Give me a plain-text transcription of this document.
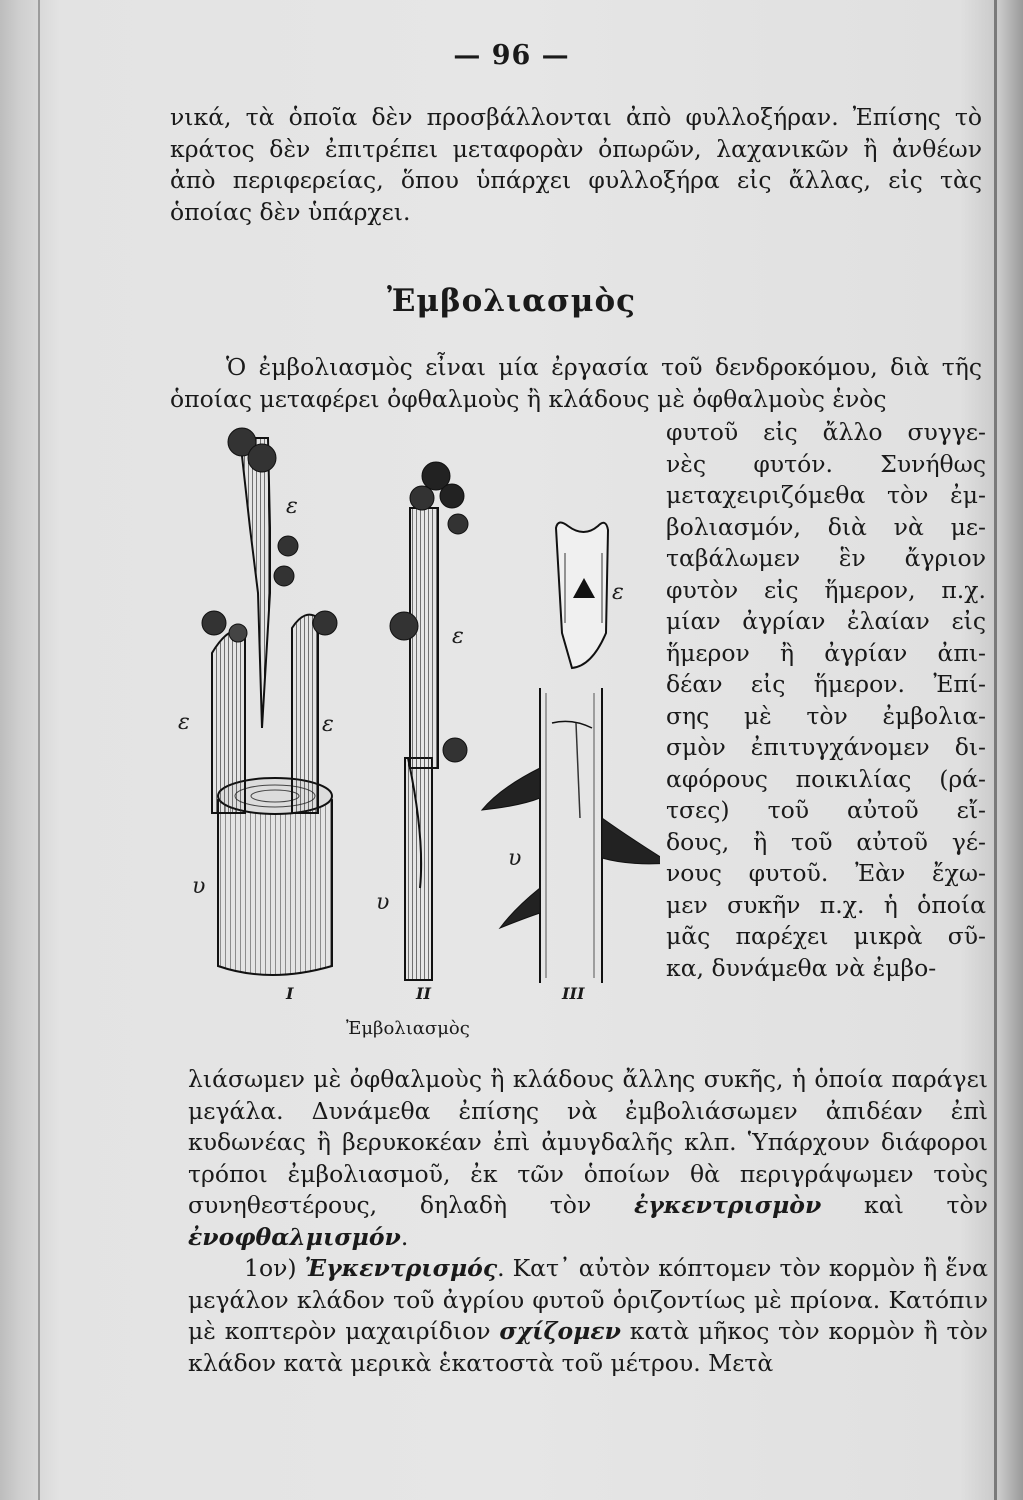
— 96 —
νικά, τὰ ὁποῖα δὲν προσβάλλονται ἀπὸ φυλλοξήραν. Ἐπίσης τὸ κράτος δὲν ἐπιτρέπει μεταφορὰν ὀπωρῶν, λαχανικῶν ἢ ἀνθέων ἀπὸ περιφερείας, ὅπου ὑπάρχει φυλλοξήρα εἰς ἄλλας, εἰς τὰς ὁποίας δὲν ὑπάρχει.
Ἐμβολιασμὸς
Ὁ ἐμβολιασμὸς εἶναι μία ἐργασία τοῦ δενδροκόμου, διὰ τῆς ὁποίας μεταφέρει ὀφθαλμοὺς ἢ κλάδους μὲ ὀφθαλμοὺς ἑνὸς
φυτοῦ εἰς ἄλλο συγγε-
νὲς φυτόν. Συνήθως
μεταχειριζόμεθα τὸν ἐμ-
βολιασμόν, διὰ νὰ με-
ταβάλωμεν ἓν ἄγριον
φυτὸν εἰς ἥμερον, π.χ.
μίαν ἀγρίαν ἐλαίαν εἰς
ἥμερον ἢ ἀγρίαν ἀπι-
δέαν εἰς ἥμερον. Ἐπί-
σης μὲ τὸν ἐμβολια-
σμὸν ἐπιτυγχάνομεν δι-
αφόρους ποικιλίας (ρά-
τσες) τοῦ αὐτοῦ εἴ-
δους, ἢ τοῦ αὐτοῦ γέ-
νους φυτοῦ. Ἐὰν ἔχω-
μεν συκῆν π.χ. ἡ ὁποία
μᾶς παρέχει μικρὰ σῦ-
κα, δυνάμεθα νὰ ἐμβο-
ε
ε	ε
ε
ε
υ
υ
υ
I	II	III
Ἐμβολιασμὸς
λιάσωμεν μὲ ὀφθαλμοὺς ἢ κλάδους ἄλλης συκῆς, ἡ ὁποία παράγει μεγάλα. Δυνάμεθα ἐπίσης νὰ ἐμβολιάσωμεν ἀπιδέαν ἐπὶ κυδωνέας ἢ βερυκοκέαν ἐπὶ ἀμυγδαλῆς κλπ. Ὑπάρχουν διάφοροι τρόποι ἐμβολιασμοῦ, ἐκ τῶν ὁποίων θὰ περιγράψωμεν τοὺς συνηθεστέρους, δηλαδὴ τὸν ἐγκεντρισμὸν καὶ τὸν ἐνοφθαλμισμόν.
1ον) Ἐγκεντρισμός. Κατ᾽ αὐτὸν κόπτομεν τὸν κορμὸν ἢ ἕνα μεγάλον κλάδον τοῦ ἀγρίου φυτοῦ ὁριζοντίως μὲ πρίονα. Κατόπιν μὲ κοπτερὸν μαχαιρίδιον σχίζομεν κατὰ μῆκος τὸν κορμὸν ἢ τὸν κλάδον κατὰ μερικὰ ἑκατοστὰ τοῦ μέτρου. Μετὰ
